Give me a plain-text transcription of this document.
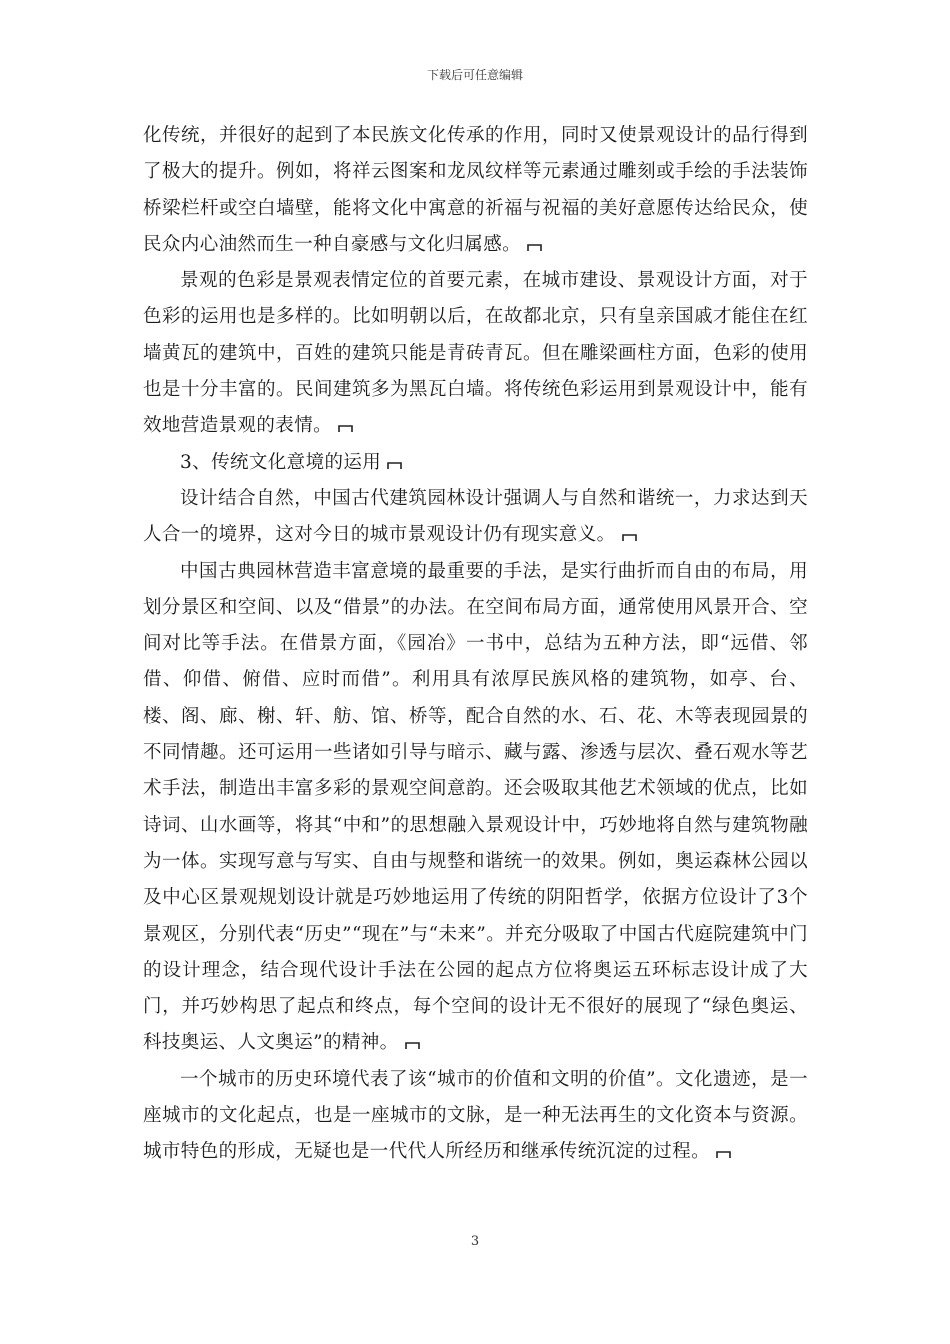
下载后可任意编辑

化传统，并很好的起到了本民族文化传承的作用，同时又使景观设计的品行得到了极大的提升。例如，将祥云图案和龙凤纹样等元素通过雕刻或手绘的手法装饰桥梁栏杆或空白墙壁，能将文化中寓意的祈福与祝福的美好意愿传达给民众，使民众内心油然而生一种自豪感与文化归属感。

景观的色彩是景观表情定位的首要元素，在城市建设、景观设计方面，对于色彩的运用也是多样的。比如明朝以后，在故都北京，只有皇亲国戚才能住在红墙黄瓦的建筑中，百姓的建筑只能是青砖青瓦。但在雕梁画柱方面，色彩的使用也是十分丰富的。民间建筑多为黑瓦白墙。将传统色彩运用到景观设计中，能有效地营造景观的表情。

3、传统文化意境的运用

设计结合自然，中国古代建筑园林设计强调人与自然和谐统一，力求达到天人合一的境界，这对今日的城市景观设计仍有现实意义。

中国古典园林营造丰富意境的最重要的手法，是实行曲折而自由的布局，用划分景区和空间、以及“借景”的办法。在空间布局方面，通常使用风景开合、空间对比等手法。在借景方面，《园冶》一书中，总结为五种方法，即“远借、邻借、仰借、俯借、应时而借”。利用具有浓厚民族风格的建筑物，如亭、台、楼、阁、廊、榭、轩、舫、馆、桥等，配合自然的水、石、花、木等表现园景的不同情趣。还可运用一些诸如引导与暗示、藏与露、渗透与层次、叠石观水等艺术手法，制造出丰富多彩的景观空间意韵。还会吸取其他艺术领域的优点，比如诗词、山水画等，将其“中和”的思想融入景观设计中，巧妙地将自然与建筑物融为一体。实现写意与写实、自由与规整和谐统一的效果。例如，奥运森林公园以及中心区景观规划设计就是巧妙地运用了传统的阴阳哲学，依据方位设计了3个景观区，分别代表“历史”“现在”与“未来”。并充分吸取了中国古代庭院建筑中门的设计理念，结合现代设计手法在公园的起点方位将奥运五环标志设计成了大门，并巧妙构思了起点和终点，每个空间的设计无不很好的展现了“绿色奥运、科技奥运、人文奥运”的精神。

一个城市的历史环境代表了该“城市的价值和文明的价值”。文化遗迹，是一座城市的文化起点，也是一座城市的文脉，是一种无法再生的文化资本与资源。城市特色的形成，无疑也是一代代人所经历和继承传统沉淀的过程。

3
